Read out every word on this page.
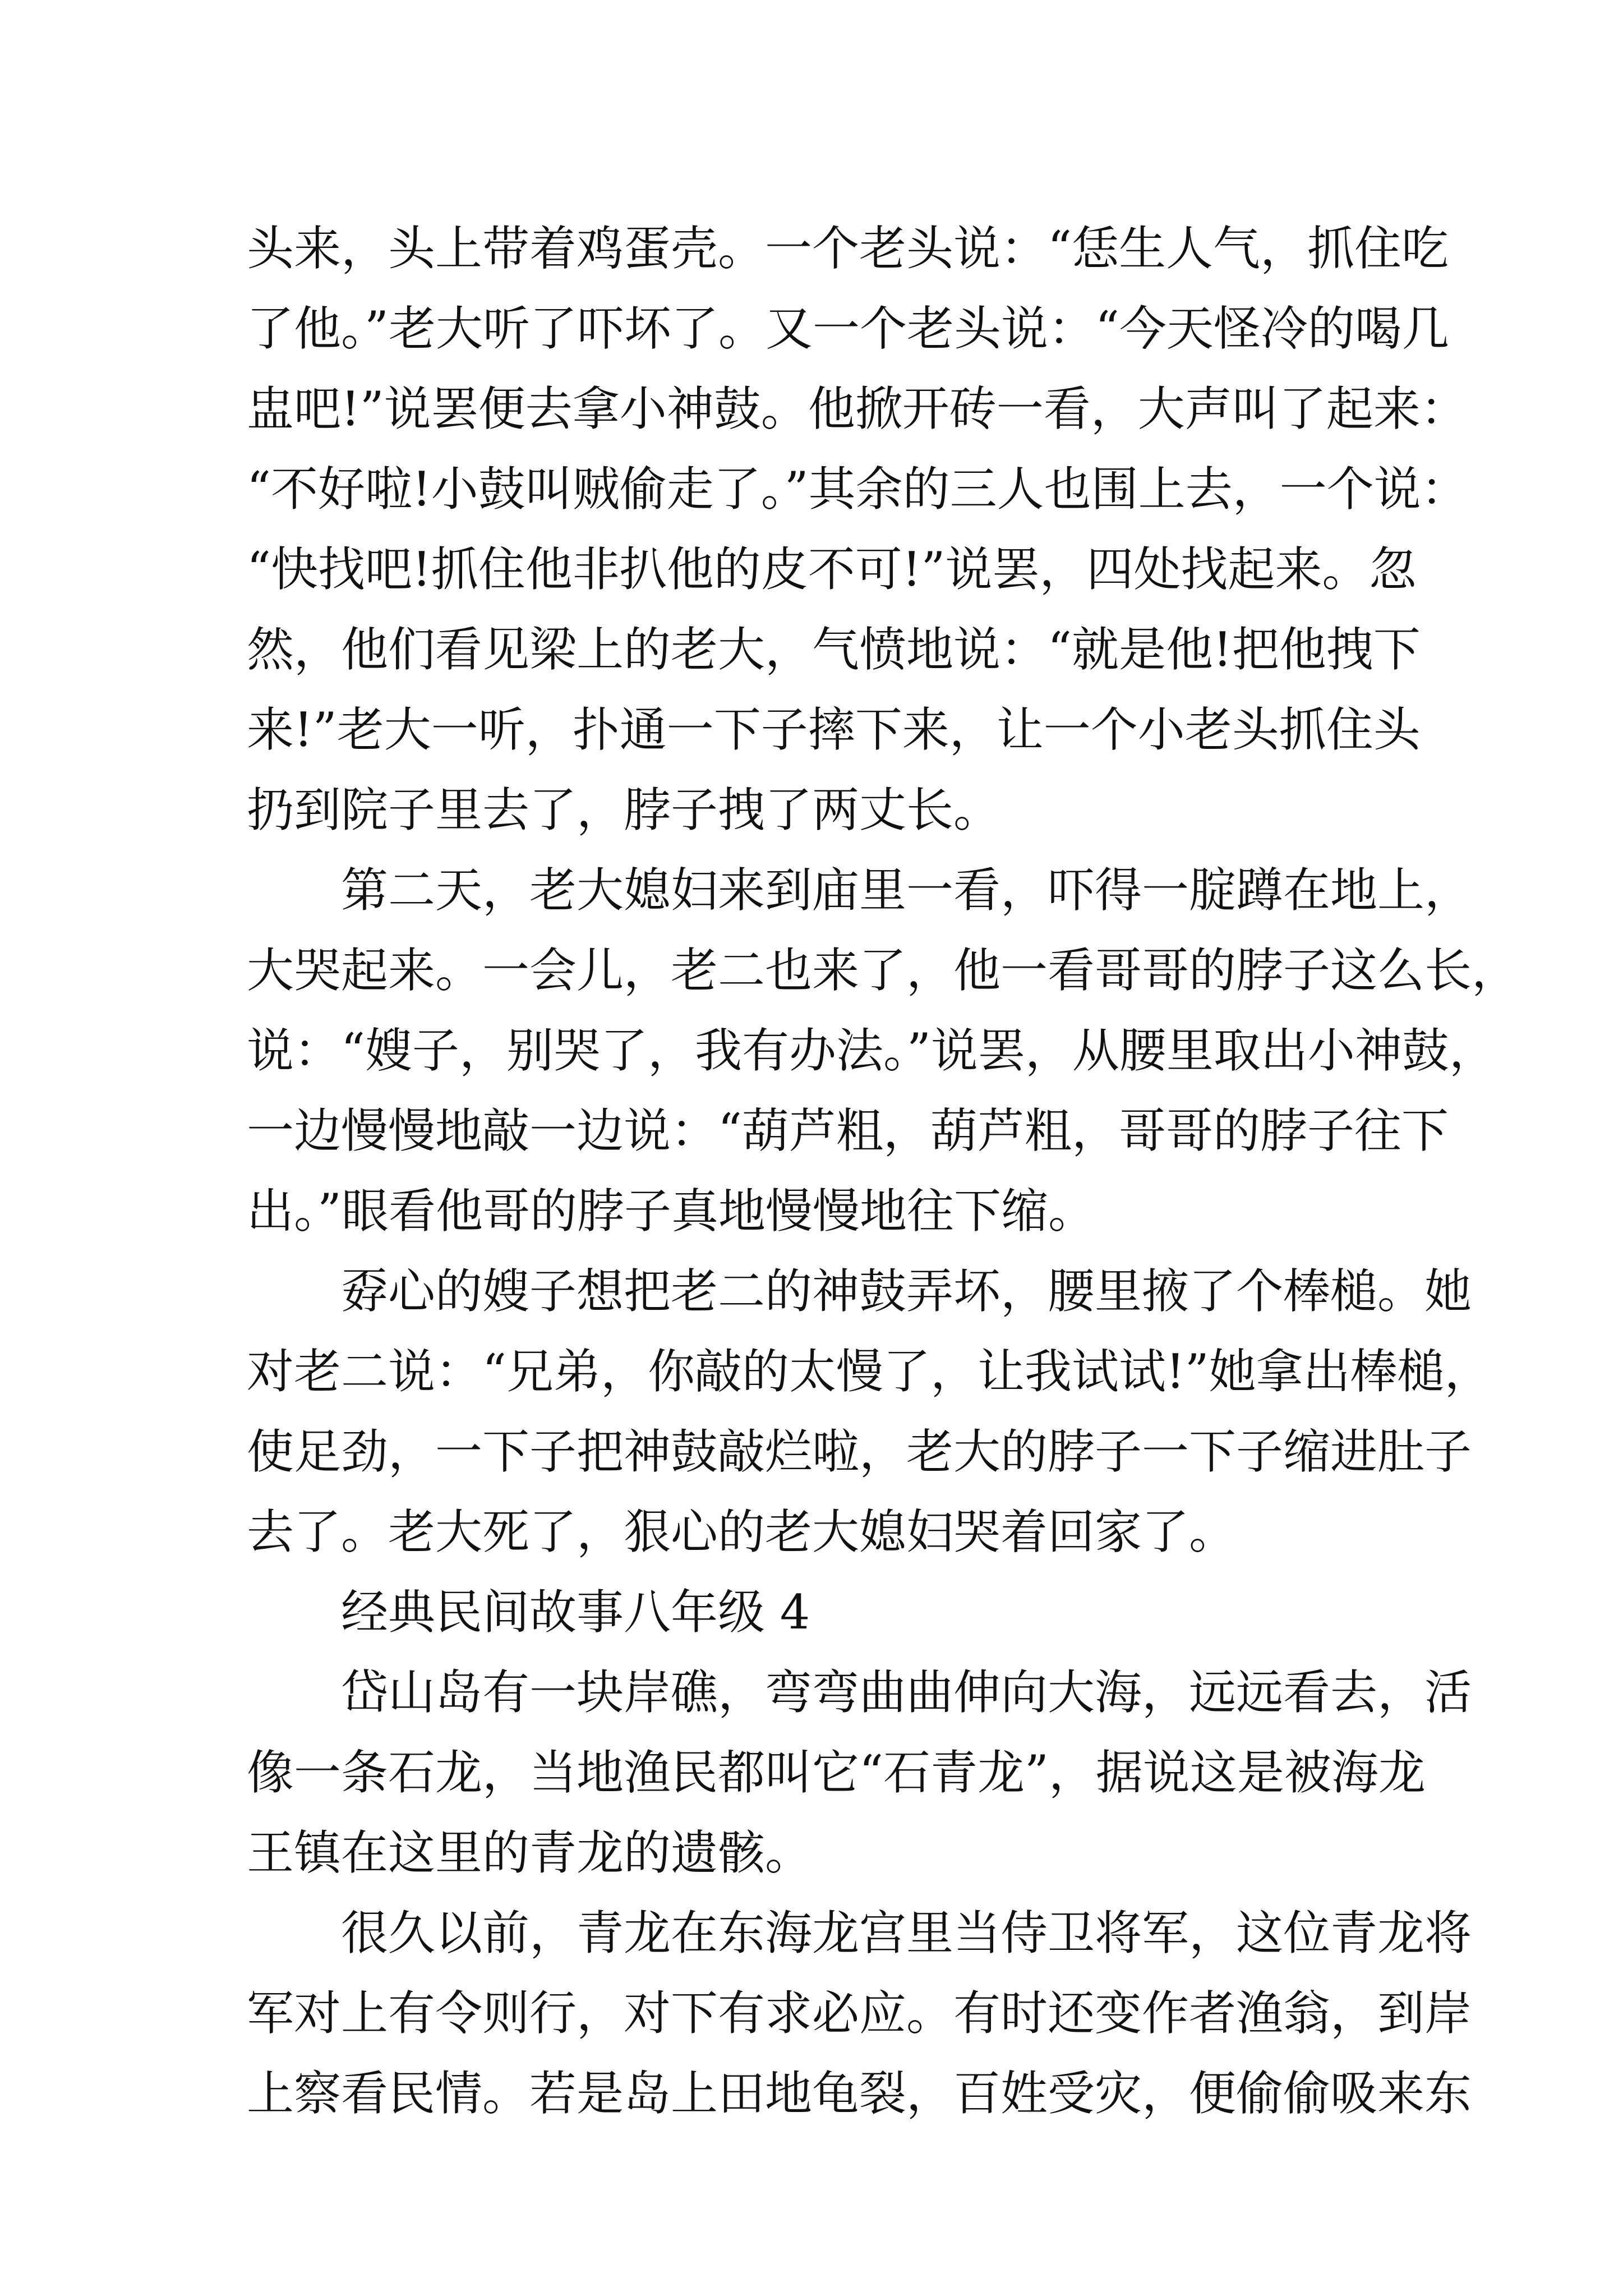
头来，头上带着鸡蛋壳。一个老头说：“恁生人气，抓住吃
了他。”老大听了吓坏了。又一个老头说：“今天怪冷的喝几
盅吧!”说罢便去拿小神鼓。他掀开砖一看，大声叫了起来：
“不好啦!小鼓叫贼偷走了。”其余的三人也围上去，一个说：
“快找吧!抓住他非扒他的皮不可!”说罢，四处找起来。忽
然，他们看见梁上的老大，气愤地说：“就是他!把他拽下
来!”老大一听，扑通一下子摔下来，让一个小老头抓住头
扔到院子里去了，脖子拽了两丈长。
第二天，老大媳妇来到庙里一看，吓得一腚蹲在地上，
大哭起来。一会儿，老二也来了，他一看哥哥的脖子这么长，
说：“嫂子，别哭了，我有办法。”说罢，从腰里取出小神鼓，
一边慢慢地敲一边说：“葫芦粗，葫芦粗，哥哥的脖子往下
出。”眼看他哥的脖子真地慢慢地往下缩。
孬心的嫂子想把老二的神鼓弄坏，腰里掖了个棒槌。她
对老二说：“兄弟，你敲的太慢了，让我试试!”她拿出棒槌，
使足劲，一下子把神鼓敲烂啦，老大的脖子一下子缩进肚子
去了。老大死了，狠心的老大媳妇哭着回家了。
经典民间故事八年级 4
岱山岛有一块岸礁，弯弯曲曲伸向大海，远远看去，活
像一条石龙，当地渔民都叫它“石青龙”，据说这是被海龙
王镇在这里的青龙的遗骸。
很久以前，青龙在东海龙宫里当侍卫将军，这位青龙将
军对上有令则行，对下有求必应。有时还变作者渔翁，到岸
上察看民情。若是岛上田地龟裂，百姓受灾，便偷偷吸来东
